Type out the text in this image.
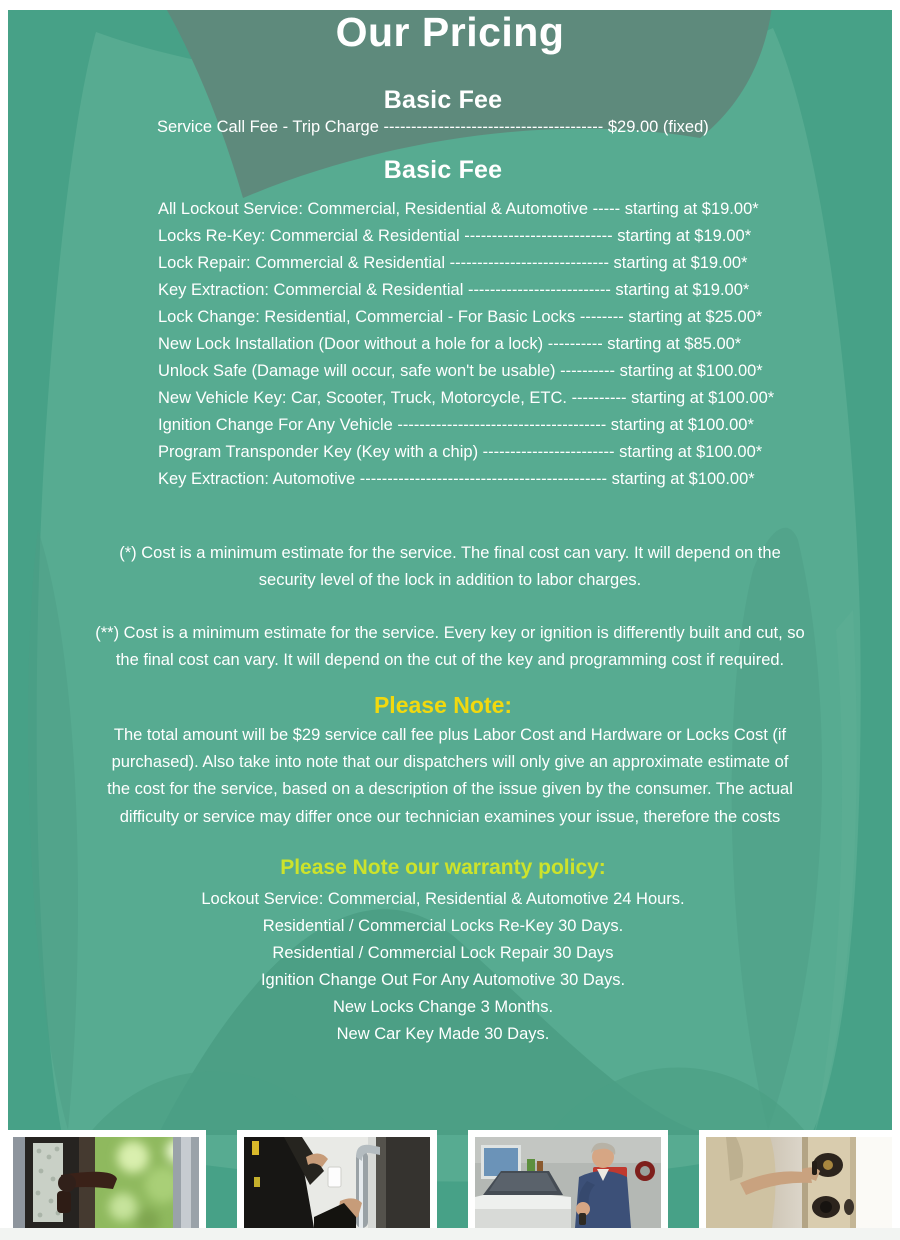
Our Pricing
Basic Fee
Service Call Fee - Trip Charge ---------------------------------------- $29.00 (fixed)
Basic Fee
All Lockout Service: Commercial, Residential & Automotive ----- starting at $19.00*
Locks Re-Key: Commercial & Residential --------------------------- starting at $19.00*
Lock Repair: Commercial & Residential ----------------------------- starting at $19.00*
Key Extraction: Commercial & Residential -------------------------- starting at $19.00*
Lock Change: Residential, Commercial - For Basic Locks -------- starting at $25.00*
New Lock Installation (Door without a hole for a lock) ---------- starting at $85.00*
Unlock Safe (Damage will occur, safe won't be usable) ---------- starting at $100.00*
New Vehicle Key: Car, Scooter, Truck, Motorcycle, ETC. ---------- starting at $100.00*
Ignition Change For Any Vehicle -------------------------------------- starting at $100.00*
Program Transponder Key (Key with a chip) ------------------------ starting at $100.00*
Key Extraction: Automotive --------------------------------------------- starting at $100.00*
(*) Cost is a minimum estimate for the service. The final cost can vary. It will depend on the security level of the lock in addition to labor charges.
(**) Cost is a minimum estimate for the service. Every key or ignition is differently built and cut, so the final cost can vary. It will depend on the cut of the key and programming cost if required.
Please Note:
The total amount will be $29 service call fee plus Labor Cost and Hardware or Locks Cost (if purchased). Also take into note that our dispatchers will only give an approximate estimate of the cost for the service, based on a description of the issue given by the consumer. The actual difficulty or service may differ once our technician examines your issue, therefore the costs
Please Note our warranty policy:
Lockout Service: Commercial, Residential & Automotive 24 Hours.
Residential / Commercial Locks Re-Key 30 Days.
Residential / Commercial Lock Repair 30 Days
Ignition Change Out For Any Automotive 30 Days.
New Locks Change 3 Months.
New Car Key Made 30 Days.
